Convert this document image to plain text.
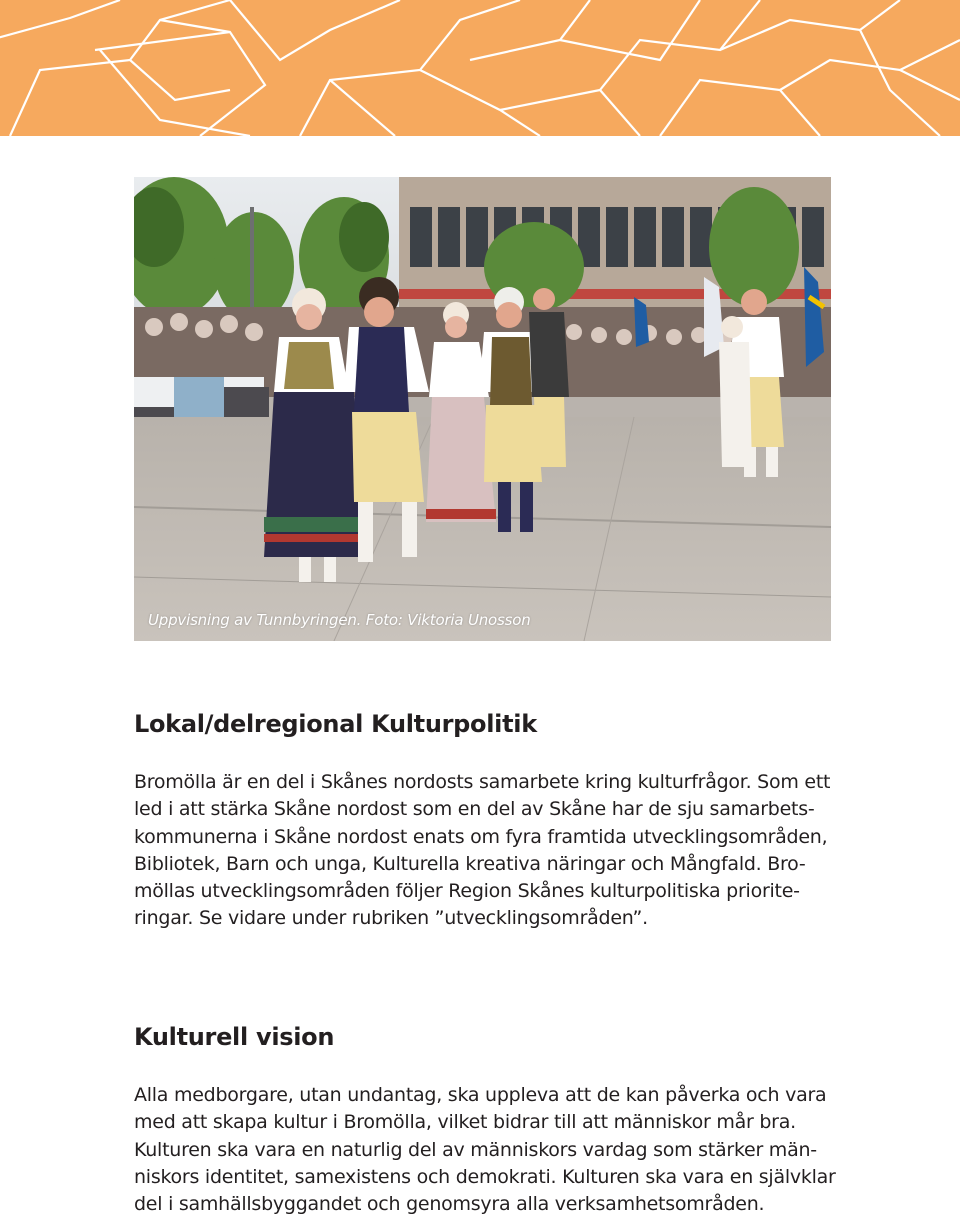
Uppvisning av Tunnbyringen. Foto: Viktoria Unosson
Lokal/delregional Kulturpolitik

Bromölla är en del i Skånes nordosts samarbete kring kulturfrågor. Som ett
led i att stärka Skåne nordost som en del av Skåne har de sju samarbets-
kommunerna i Skåne nordost enats om fyra framtida utvecklingsområden,
Bibliotek, Barn och unga, Kulturella kreativa näringar och Mångfald. Bro-
möllas utvecklingsområden följer Region Skånes kulturpolitiska priorite-
ringar. Se vidare under rubriken ”utvecklingsområden”.

Kulturell vision

Alla medborgare, utan undantag, ska uppleva att de kan påverka och vara
med att skapa kultur i Bromölla, vilket bidrar till att människor mår bra.
Kulturen ska vara en naturlig del av människors vardag som stärker män-
niskors identitet, samexistens och demokrati. Kulturen ska vara en självklar
del i samhällsbyggandet och genomsyra alla verksamhetsområden.
